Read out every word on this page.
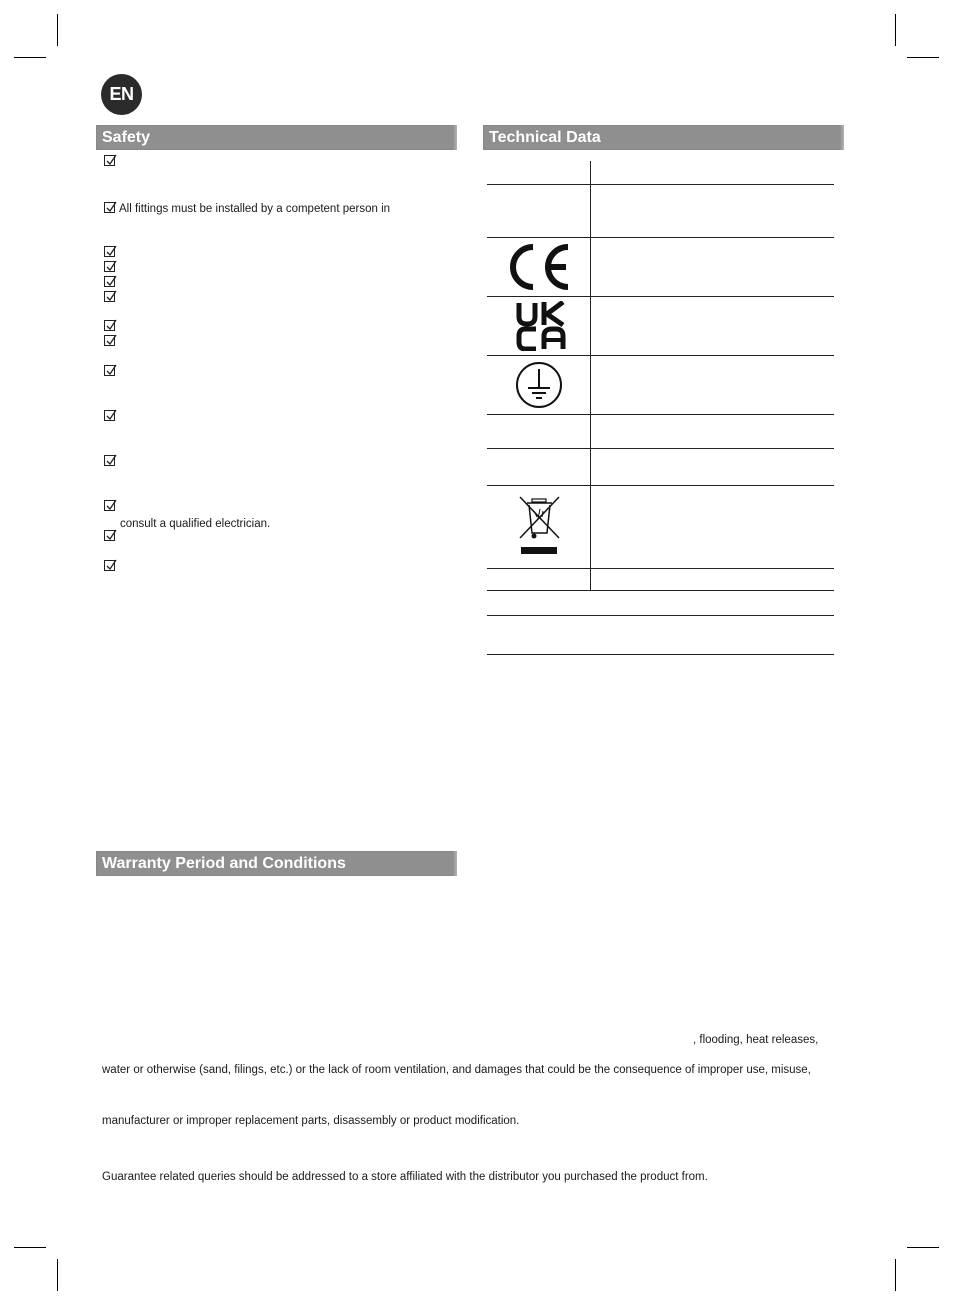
EN
Safety	Technical Data
All fittings must be installed by a competent person in
consult a qualified electrician.
Warranty Period and Conditions
, flooding, heat releases,
water or otherwise (sand, filings, etc.) or the lack of room ventilation, and damages that could be the consequence of improper use, misuse,
manufacturer or improper replacement parts, disassembly or product modification.
Guarantee related queries should be addressed to a store affiliated with the distributor you purchased the product from.
